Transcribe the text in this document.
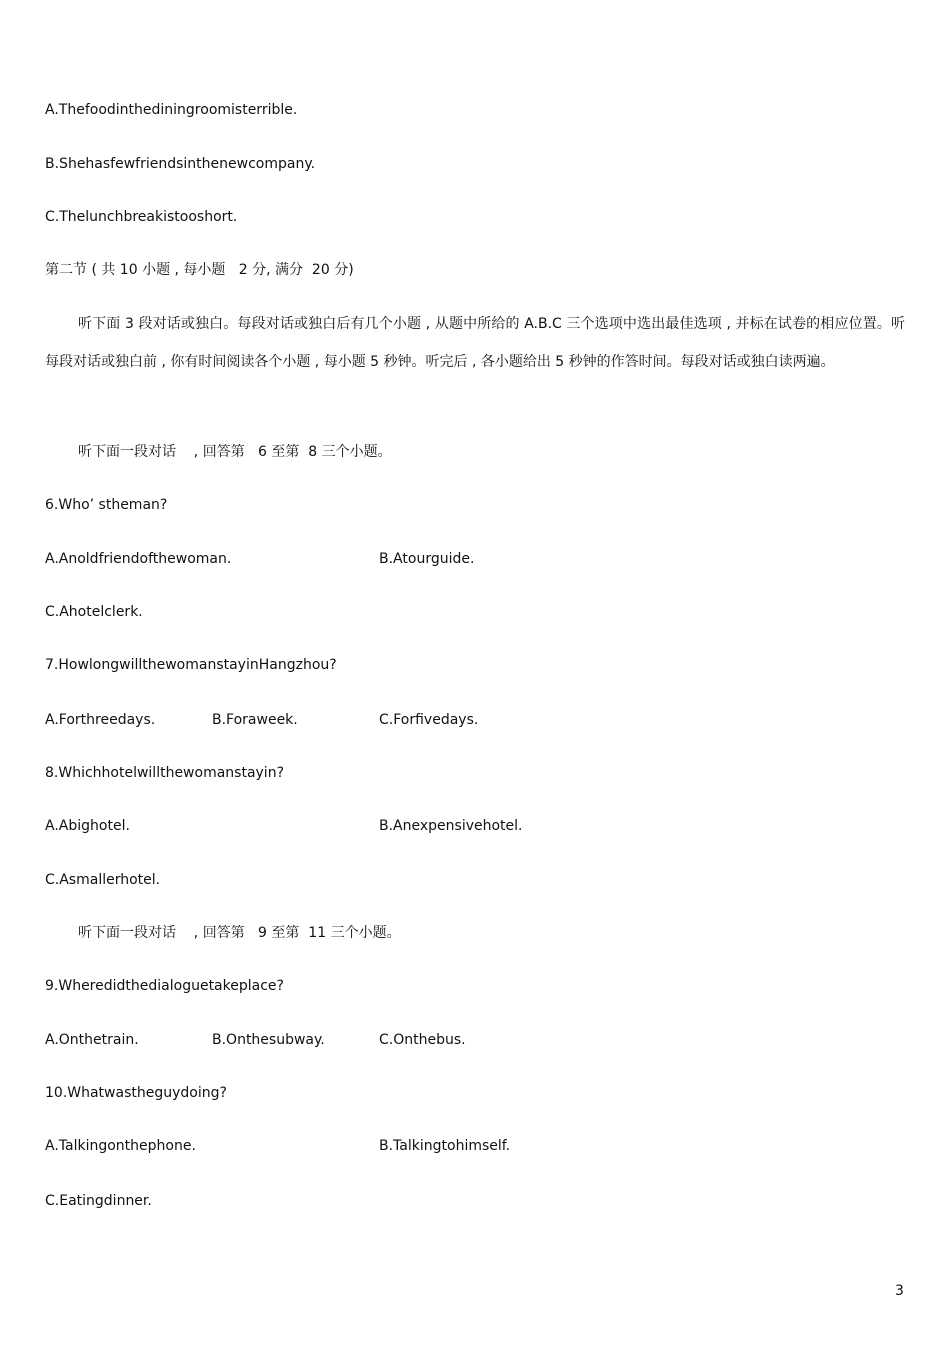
A.Thefoodinthediningroomisterrible.
B.Shehasfewfriendsinthenewcompany.
C.Thelunchbreakistooshort.
第二节 ( 共 10 小题 , 每小题   2 分, 满分  20 分)
听下面 3 段对话或独白。每段对话或独白后有几个小题 , 从题中所给的 A.B.C 三个选项中选出最佳选项 , 并标在试卷的相应位置。听每段对话或独白前 , 你有时间阅读各个小题 , 每小题 5 秒钟。听完后 , 各小题给出 5 秒钟的作答时间。每段对话或独白读两遍。
听下面一段对话    , 回答第   6 至第  8 三个小题。
6.Who’ stheman?
A.Anoldfriendofthewoman.	B.Atourguide.
C.Ahotelclerk.
7.HowlongwillthewomanstayinHangzhou?
A.Forthreedays.	B.Foraweek.	C.Forfivedays.
8.Whichhotelwillthewomanstayin?
A.Abighotel.	B.Anexpensivehotel.
C.Asmallerhotel.
听下面一段对话    , 回答第   9 至第  11 三个小题。
9.Wheredidthedialoguetakeplace?
A.Onthetrain.	B.Onthesubway.	C.Onthebus.
10.Whatwastheguydoing?
A.Talkingonthephone.	B.Talkingtohimself.
C.Eatingdinner.
3
